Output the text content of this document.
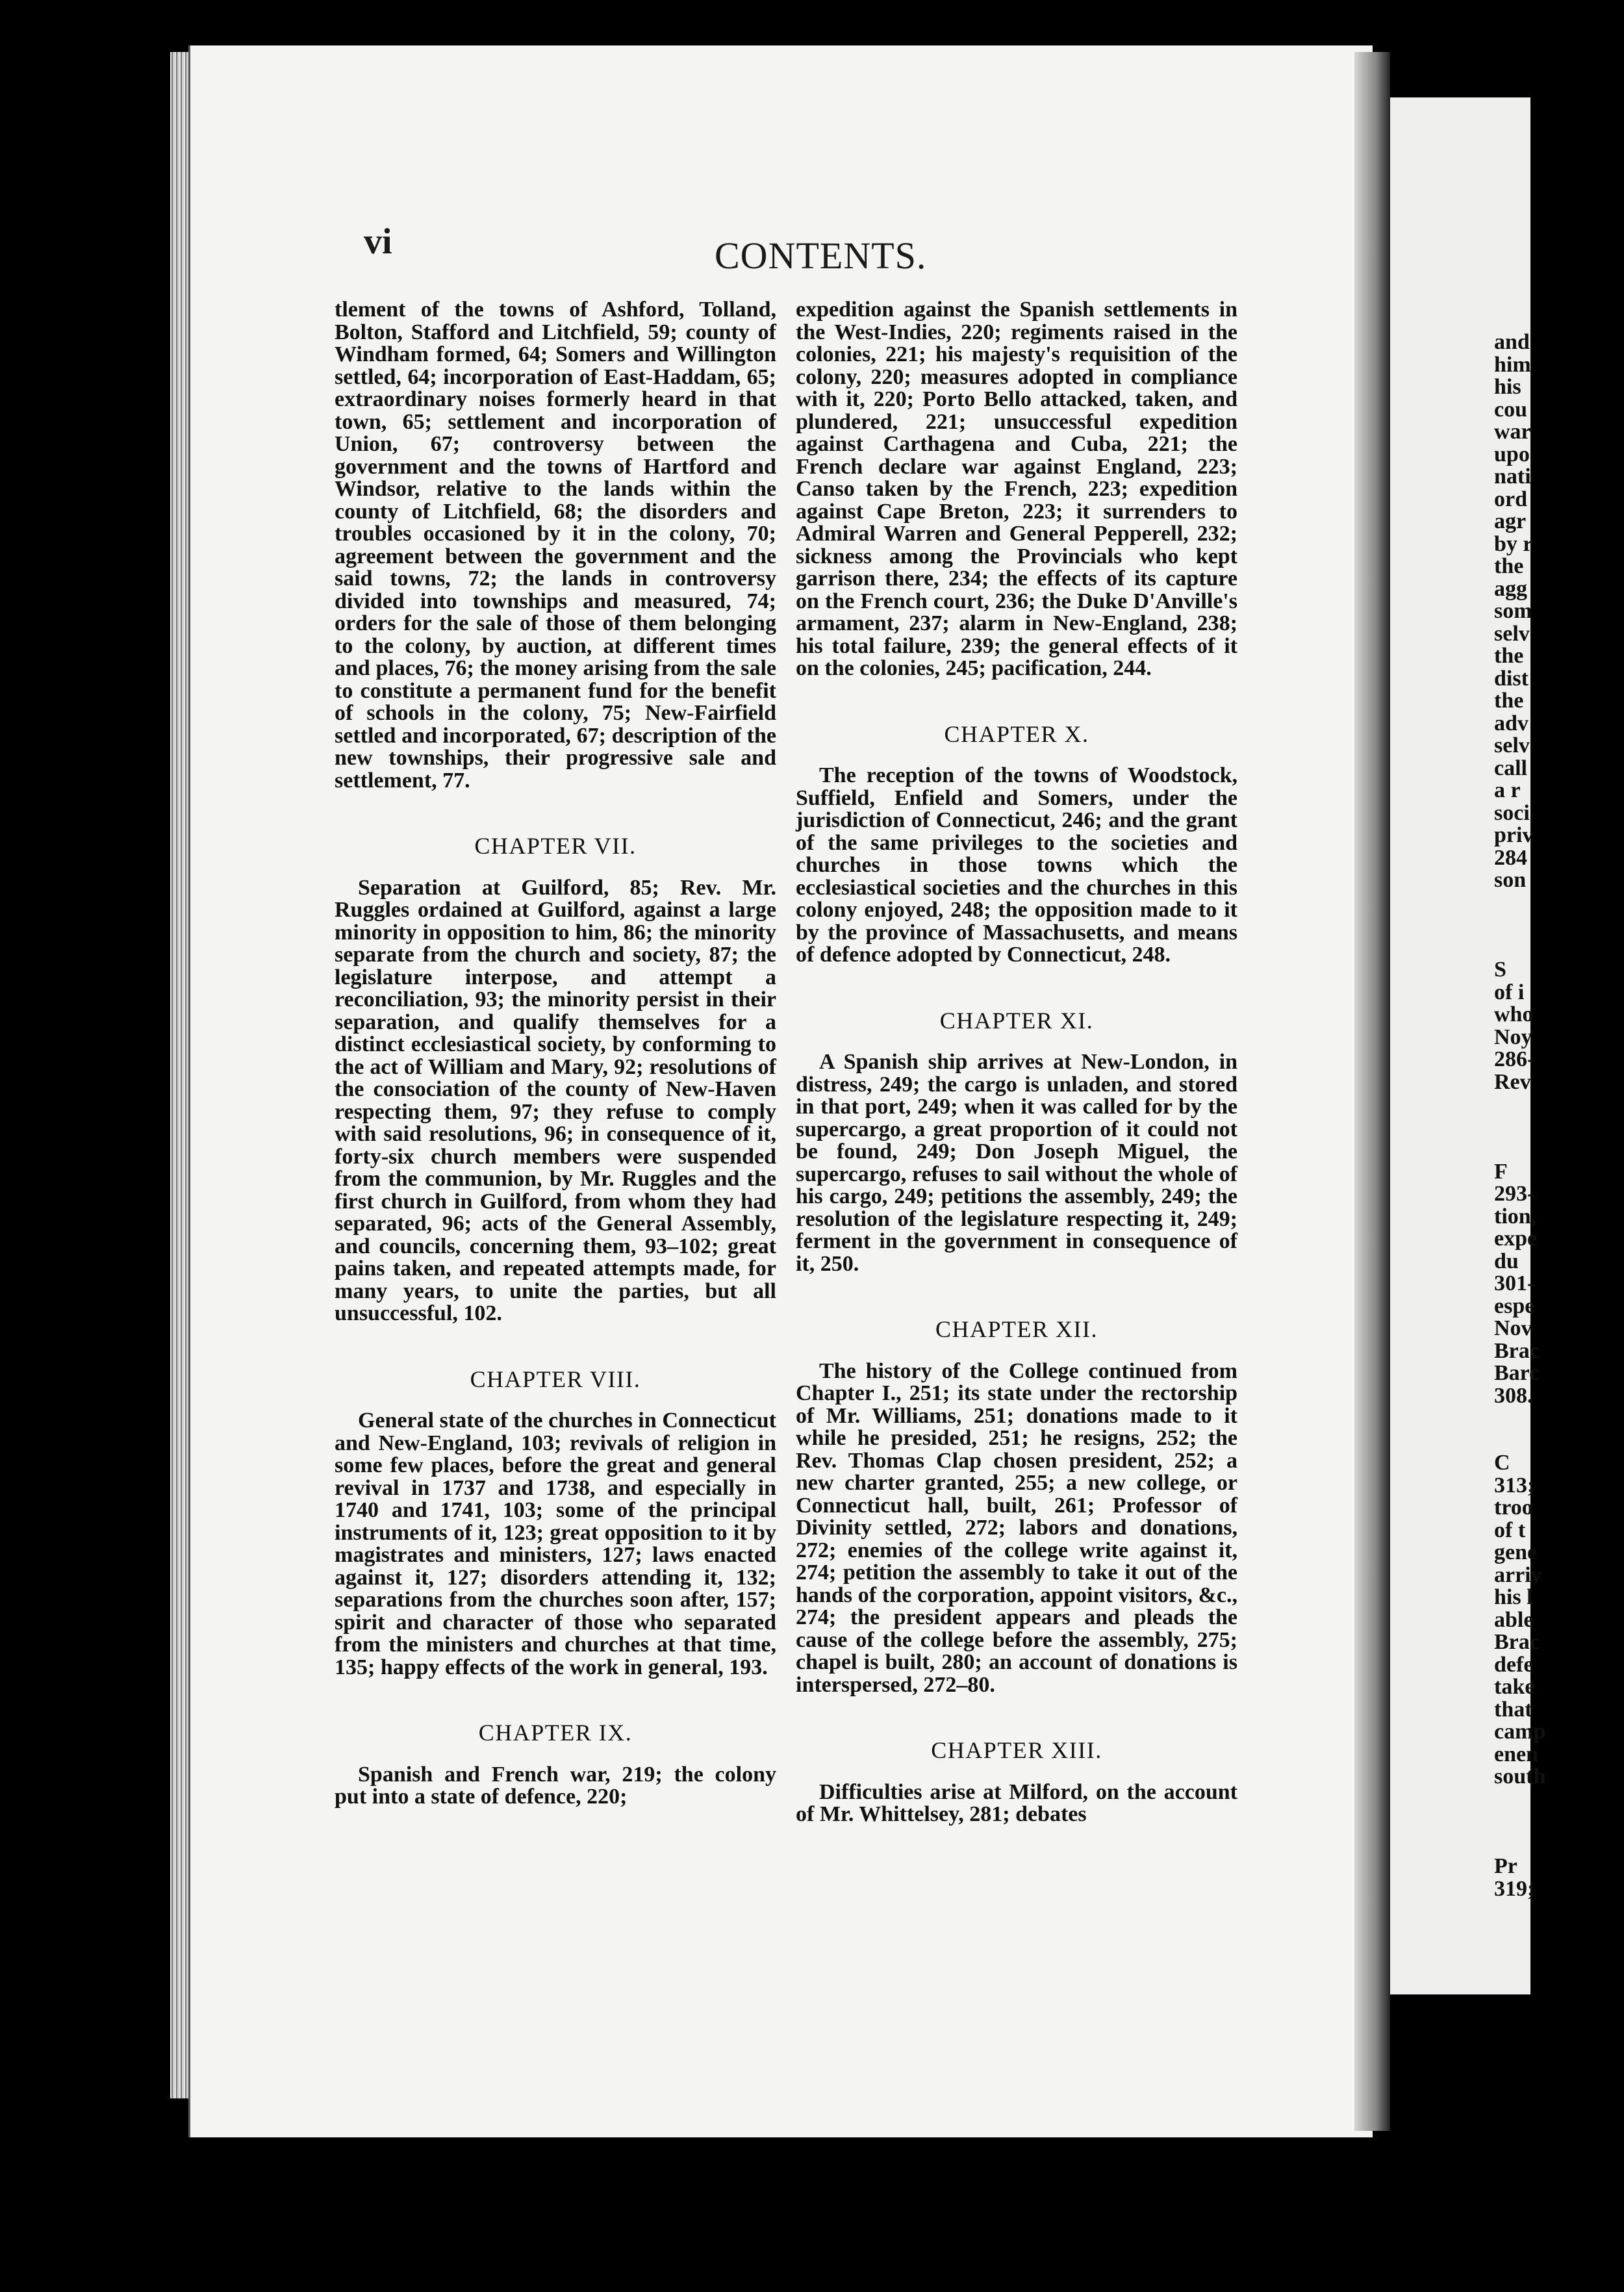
and
him
his
cou
war
upo
nati
ord
agr
by r
the
agg
som
selv
the
dist
the
adv
selv
call
a r
soci
priv
284
son
S
of i
who
Noy
286-
Rev
F
293-
tion,
expe
du
301-
espe
Nov
Brac
Barc
308.
C
313;
troo
of t
gene
arriv
his l
able
Brac
defe
take
that
camp
enen
south
Pr
319;
vi	CONTENTS.

tlement of the towns of Ashford, Tolland, Bolton, Stafford and Litchfield, 59; county of Windham formed, 64; Somers and Willington settled, 64; incorporation of East-Haddam, 65; extraordinary noises formerly heard in that town, 65; settlement and incorporation of Union, 67; controversy between the government and the towns of Hartford and Windsor, relative to the lands within the county of Litchfield, 68; the disorders and troubles occasioned by it in the colony, 70; agreement between the government and the said towns, 72; the lands in controversy divided into townships and measured, 74; orders for the sale of those of them belonging to the colony, by auction, at different times and places, 76; the money arising from the sale to constitute a permanent fund for the benefit of schools in the colony, 75; New-Fairfield settled and incorporated, 67; description of the new townships, their progressive sale and settlement, 77.

CHAPTER VII.

Separation at Guilford, 85; Rev. Mr. Ruggles ordained at Guilford, against a large minority in opposition to him, 86; the minority separate from the church and society, 87; the legislature interpose, and attempt a reconciliation, 93; the minority persist in their separation, and qualify themselves for a distinct ecclesiastical society, by conforming to the act of William and Mary, 92; resolutions of the consociation of the county of New-Haven respecting them, 97; they refuse to comply with said resolutions, 96; in consequence of it, forty-six church members were suspended from the communion, by Mr. Ruggles and the first church in Guilford, from whom they had separated, 96; acts of the General Assembly, and councils, concerning them, 93–102; great pains taken, and repeated attempts made, for many years, to unite the parties, but all unsuccessful, 102.

CHAPTER VIII.

General state of the churches in Connecticut and New-England, 103; revivals of religion in some few places, before the great and general revival in 1737 and 1738, and especially in 1740 and 1741, 103; some of the principal instruments of it, 123; great opposition to it by magistrates and ministers, 127; laws enacted against it, 127; disorders attending it, 132; separations from the churches soon after, 157; spirit and character of those who separated from the ministers and churches at that time, 135; happy effects of the work in general, 193.

CHAPTER IX.

Spanish and French war, 219; the colony put into a state of defence, 220;

expedition against the Spanish settlements in the West-Indies, 220; regiments raised in the colonies, 221; his majesty's requisition of the colony, 220; measures adopted in compliance with it, 220; Porto Bello attacked, taken, and plundered, 221; unsuccessful expedition against Carthagena and Cuba, 221; the French declare war against England, 223; Canso taken by the French, 223; expedition against Cape Breton, 223; it surrenders to Admiral Warren and General Pepperell, 232; sickness among the Provincials who kept garrison there, 234; the effects of its capture on the French court, 236; the Duke D'Anville's armament, 237; alarm in New-England, 238; his total failure, 239; the general effects of it on the colonies, 245; pacification, 244.

CHAPTER X.

The reception of the towns of Woodstock, Suffield, Enfield and Somers, under the jurisdiction of Connecticut, 246; and the grant of the same privileges to the societies and churches in those towns which the ecclesiastical societies and the churches in this colony enjoyed, 248; the opposition made to it by the province of Massachusetts, and means of defence adopted by Connecticut, 248.

CHAPTER XI.

A Spanish ship arrives at New-London, in distress, 249; the cargo is unladen, and stored in that port, 249; when it was called for by the supercargo, a great proportion of it could not be found, 249; Don Joseph Miguel, the supercargo, refuses to sail without the whole of his cargo, 249; petitions the assembly, 249; the resolution of the legislature respecting it, 249; ferment in the government in consequence of it, 250.

CHAPTER XII.

The history of the College continued from Chapter I., 251; its state under the rectorship of Mr. Williams, 251; donations made to it while he presided, 251; he resigns, 252; the Rev. Thomas Clap chosen president, 252; a new charter granted, 255; a new college, or Connecticut hall, built, 261; Professor of Divinity settled, 272; labors and donations, 272; enemies of the college write against it, 274; petition the assembly to take it out of the hands of the corporation, appoint visitors, &c., 274; the president appears and pleads the cause of the college before the assembly, 275; chapel is built, 280; an account of donations is interspersed, 272–80.

CHAPTER XIII.

Difficulties arise at Milford, on the account of Mr. Whittelsey, 281; debates
